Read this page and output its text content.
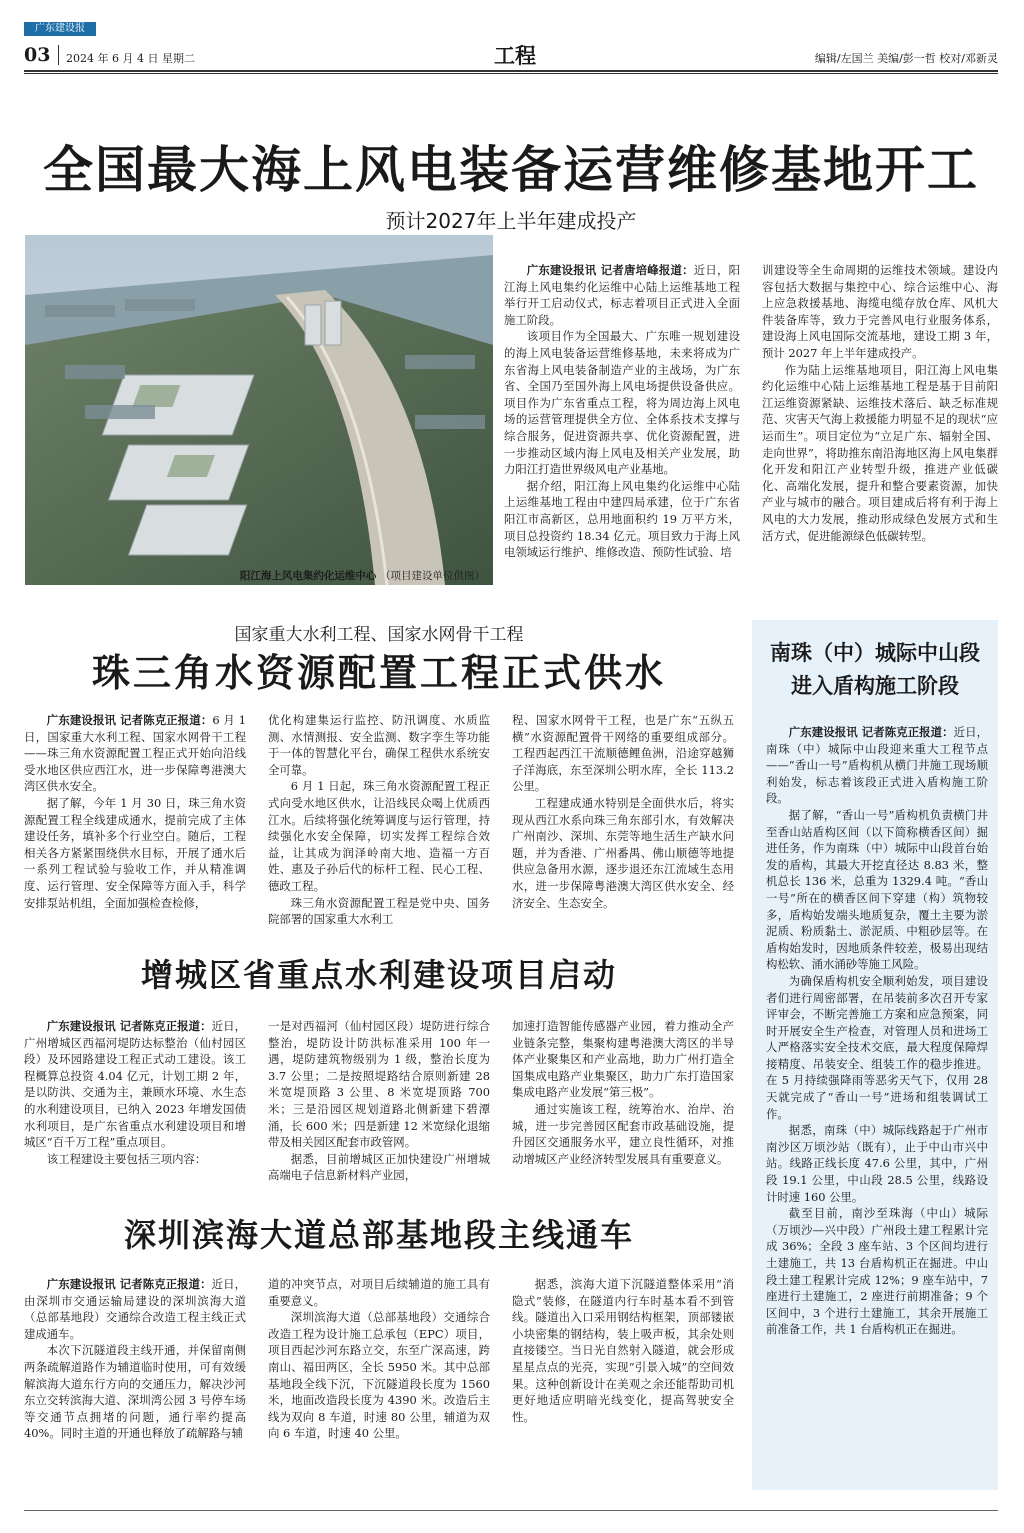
广东建设报
03 2024 年 6 月 4 日 星期二	工程	编辑/左国兰 美编/彭一哲 校对/邓新灵
全国最大海上风电装备运营维修基地开工
预计2027年上半年建成投产
阳江海上风电集约化运维中心 （项目建设单位供图）

广东建设报讯 记者唐培峰报道：近日，阳江海上风电集约化运维中心陆上运维基地工程举行开工启动仪式，标志着项目正式进入全面施工阶段。

该项目作为全国最大、广东唯一规划建设的海上风电装备运营维修基地，未来将成为广东省海上风电装备制造产业的主战场，为广东省、全国乃至国外海上风电场提供设备供应。项目作为广东省重点工程，将为周边海上风电场的运营管理提供全方位、全体系技术支撑与综合服务，促进资源共享、优化资源配置，进一步推动区域内海上风电及相关产业发展，助力阳江打造世界级风电产业基地。

据介绍，阳江海上风电集约化运维中心陆上运维基地工程由中建四局承建，位于广东省阳江市高新区，总用地面积约 19 万平方米，项目总投资约 18.34 亿元。项目致力于海上风电领域运行维护、维修改造、预防性试验、培

训建设等全生命周期的运维技术领域。建设内容包括大数据与集控中心、综合运维中心、海上应急救援基地、海缆电缆存放仓库、风机大件装备库等，致力于完善风电行业服务体系，建设海上风电国际交流基地，建设工期 3 年，预计 2027 年上半年建成投产。

作为陆上运维基地项目，阳江海上风电集约化运维中心陆上运维基地工程是基于目前阳江运维资源紧缺、运维技术落后、缺乏标准规范、灾害天气海上救援能力明显不足的现状“应运而生”。项目定位为“立足广东、辐射全国、走向世界”，将助推东南沿海地区海上风电集群化开发和阳江产业转型升级，推进产业低碳化、高端化发展，提升和整合要素资源，加快产业与城市的融合。项目建成后将有利于海上风电的大力发展，推动形成绿色发展方式和生活方式，促进能源绿色低碳转型。

国家重大水利工程、国家水网骨干工程
珠三角水资源配置工程正式供水

广东建设报讯 记者陈克正报道：6 月 1 日，国家重大水利工程、国家水网骨干工程——珠三角水资源配置工程正式开始向沿线受水地区供应西江水，进一步保障粤港澳大湾区供水安全。

据了解，今年 1 月 30 日，珠三角水资源配置工程全线建成通水，提前完成了主体建设任务，填补多个行业空白。随后，工程相关各方紧紧围绕供水目标，开展了通水后一系列工程试验与验收工作，并从精准调度、运行管理、安全保障等方面入手，科学安排泵站机组，全面加强检查检修，

优化构建集运行监控、防汛调度、水质监测、水情测报、安全监测、数字孪生等功能于一体的智慧化平台，确保工程供水系统安全可靠。

6 月 1 日起，珠三角水资源配置工程正式向受水地区供水，让沿线民众喝上优质西江水。后续将强化统筹调度与运行管理，持续强化水安全保障，切实发挥工程综合效益，让其成为润泽岭南大地、造福一方百姓、惠及子孙后代的标杆工程、民心工程、德政工程。

珠三角水资源配置工程是党中央、国务院部署的国家重大水利工

程、国家水网骨干工程，也是广东“五纵五横”水资源配置骨干网络的重要组成部分。工程西起西江干流顺德鲤鱼洲，沿途穿越狮子洋海底，东至深圳公明水库，全长 113.2 公里。

工程建成通水特别是全面供水后，将实现从西江水系向珠三角东部引水，有效解决广州南沙、深圳、东莞等地生活生产缺水问题，并为香港、广州番禺、佛山顺德等地提供应急备用水源，逐步退还东江流域生态用水，进一步保障粤港澳大湾区供水安全、经济安全、生态安全。

增城区省重点水利建设项目启动

广东建设报讯 记者陈克正报道：近日，广州增城区西福河堤防达标整治（仙村园区段）及环园路建设工程正式动工建设。该工程概算总投资 4.04 亿元，计划工期 2 年，是以防洪、交通为主，兼顾水环境、水生态的水利建设项目，已纳入 2023 年增发国债水利项目，是广东省重点水利建设项目和增城区“百千万工程”重点项目。

该工程建设主要包括三项内容：

一是对西福河（仙村园区段）堤防进行综合整治，堤防设计防洪标准采用 100 年一遇，堤防建筑物级别为 1 级，整治长度为 3.7 公里；二是按照堤路结合原则新建 28 米宽堤顶路 3 公里、8 米宽堤顶路 700 米；三是沿园区规划道路北侧新建下碧潭涌，长 600 米；四是新建 12 米宽绿化退缩带及相关园区配套市政管网。

据悉，目前增城区正加快建设广州增城高端电子信息新材料产业园，

加速打造智能传感器产业园，着力推动全产业链条完整，集聚构建粤港澳大湾区的半导体产业聚集区和产业高地，助力广州打造全国集成电路产业集聚区，助力广东打造国家集成电路产业发展“第三极”。

通过实施该工程，统筹治水、治岸、治城，进一步完善园区配套市政基础设施，提升园区交通服务水平，建立良性循环，对推动增城区产业经济转型发展具有重要意义。

深圳滨海大道总部基地段主线通车

广东建设报讯 记者陈克正报道：近日，由深圳市交通运输局建设的深圳滨海大道（总部基地段）交通综合改造工程主线正式建成通车。

本次下沉隧道段主线开通，并保留南侧两条疏解道路作为辅道临时使用，可有效缓解滨海大道东行方向的交通压力，解决沙河东立交转滨海大道、深圳湾公园 3 号停车场等交通节点拥堵的问题，通行率约提高 40%。同时主道的开通也释放了疏解路与辅

道的冲突节点，对项目后续辅道的施工具有重要意义。

深圳滨海大道（总部基地段）交通综合改造工程为设计施工总承包（EPC）项目，项目西起沙河东路立交，东至广深高速，跨南山、福田两区，全长 5950 米。其中总部基地段全线下沉，下沉隧道段长度为 1560 米，地面改造段长度为 4390 米。改造后主线为双向 8 车道，时速 80 公里，辅道为双向 6 车道，时速 40 公里。

据悉，滨海大道下沉隧道整体采用“消隐式”装修，在隧道内行车时基本看不到管线。隧道出入口采用钢结构框架，顶部镂嵌小块密集的钢结构，装上吸声板，其余处则直接镂空。当日光自然射入隧道，就会形成星星点点的光亮，实现“引景入城”的空间效果。这种创新设计在美观之余还能帮助司机更好地适应明暗光线变化，提高驾驶安全性。

南珠（中）城际中山段
进入盾构施工阶段

广东建设报讯 记者陈克正报道：近日，南珠（中）城际中山段迎来重大工程节点——“香山一号”盾构机从横门井施工现场顺利始发，标志着该段正式进入盾构施工阶段。

据了解，“香山一号”盾构机负责横门井至香山站盾构区间（以下简称横香区间）掘进任务，作为南珠（中）城际中山段首台始发的盾构，其最大开挖直径达 8.83 米，整机总长 136 米，总重为 1329.4 吨。“香山一号”所在的横香区间下穿建（构）筑物较多，盾构始发端头地质复杂，覆土主要为淤泥质、粉质黏土、淤泥质、中粗砂层等。在盾构始发时，因地质条件较差，极易出现结构松软、涌水涌砂等施工风险。

为确保盾构机安全顺利始发，项目建设者们进行周密部署，在吊装前多次召开专家评审会，不断完善施工方案和应急预案，同时开展安全生产检查，对管理人员和进场工人严格落实安全技术交底，最大程度保障焊接精度、吊装安全、组装工作的稳步推进。在 5 月持续强降雨等恶劣天气下，仅用 28 天就完成了“香山一号”进场和组装调试工作。

据悉，南珠（中）城际线路起于广州市南沙区万顷沙站（既有），止于中山市兴中站。线路正线长度 47.6 公里，其中，广州段 19.1 公里，中山段 28.5 公里，线路设计时速 160 公里。

截至目前，南沙至珠海（中山）城际（万顷沙—兴中段）广州段土建工程累计完成 36%；全段 3 座车站、3 个区间均进行土建施工，共 13 台盾构机正在掘进。中山段土建工程累计完成 12%；9 座车站中，7 座进行土建施工，2 座进行前期准备；9 个区间中，3 个进行土建施工，其余开展施工前准备工作，共 1 台盾构机正在掘进。
